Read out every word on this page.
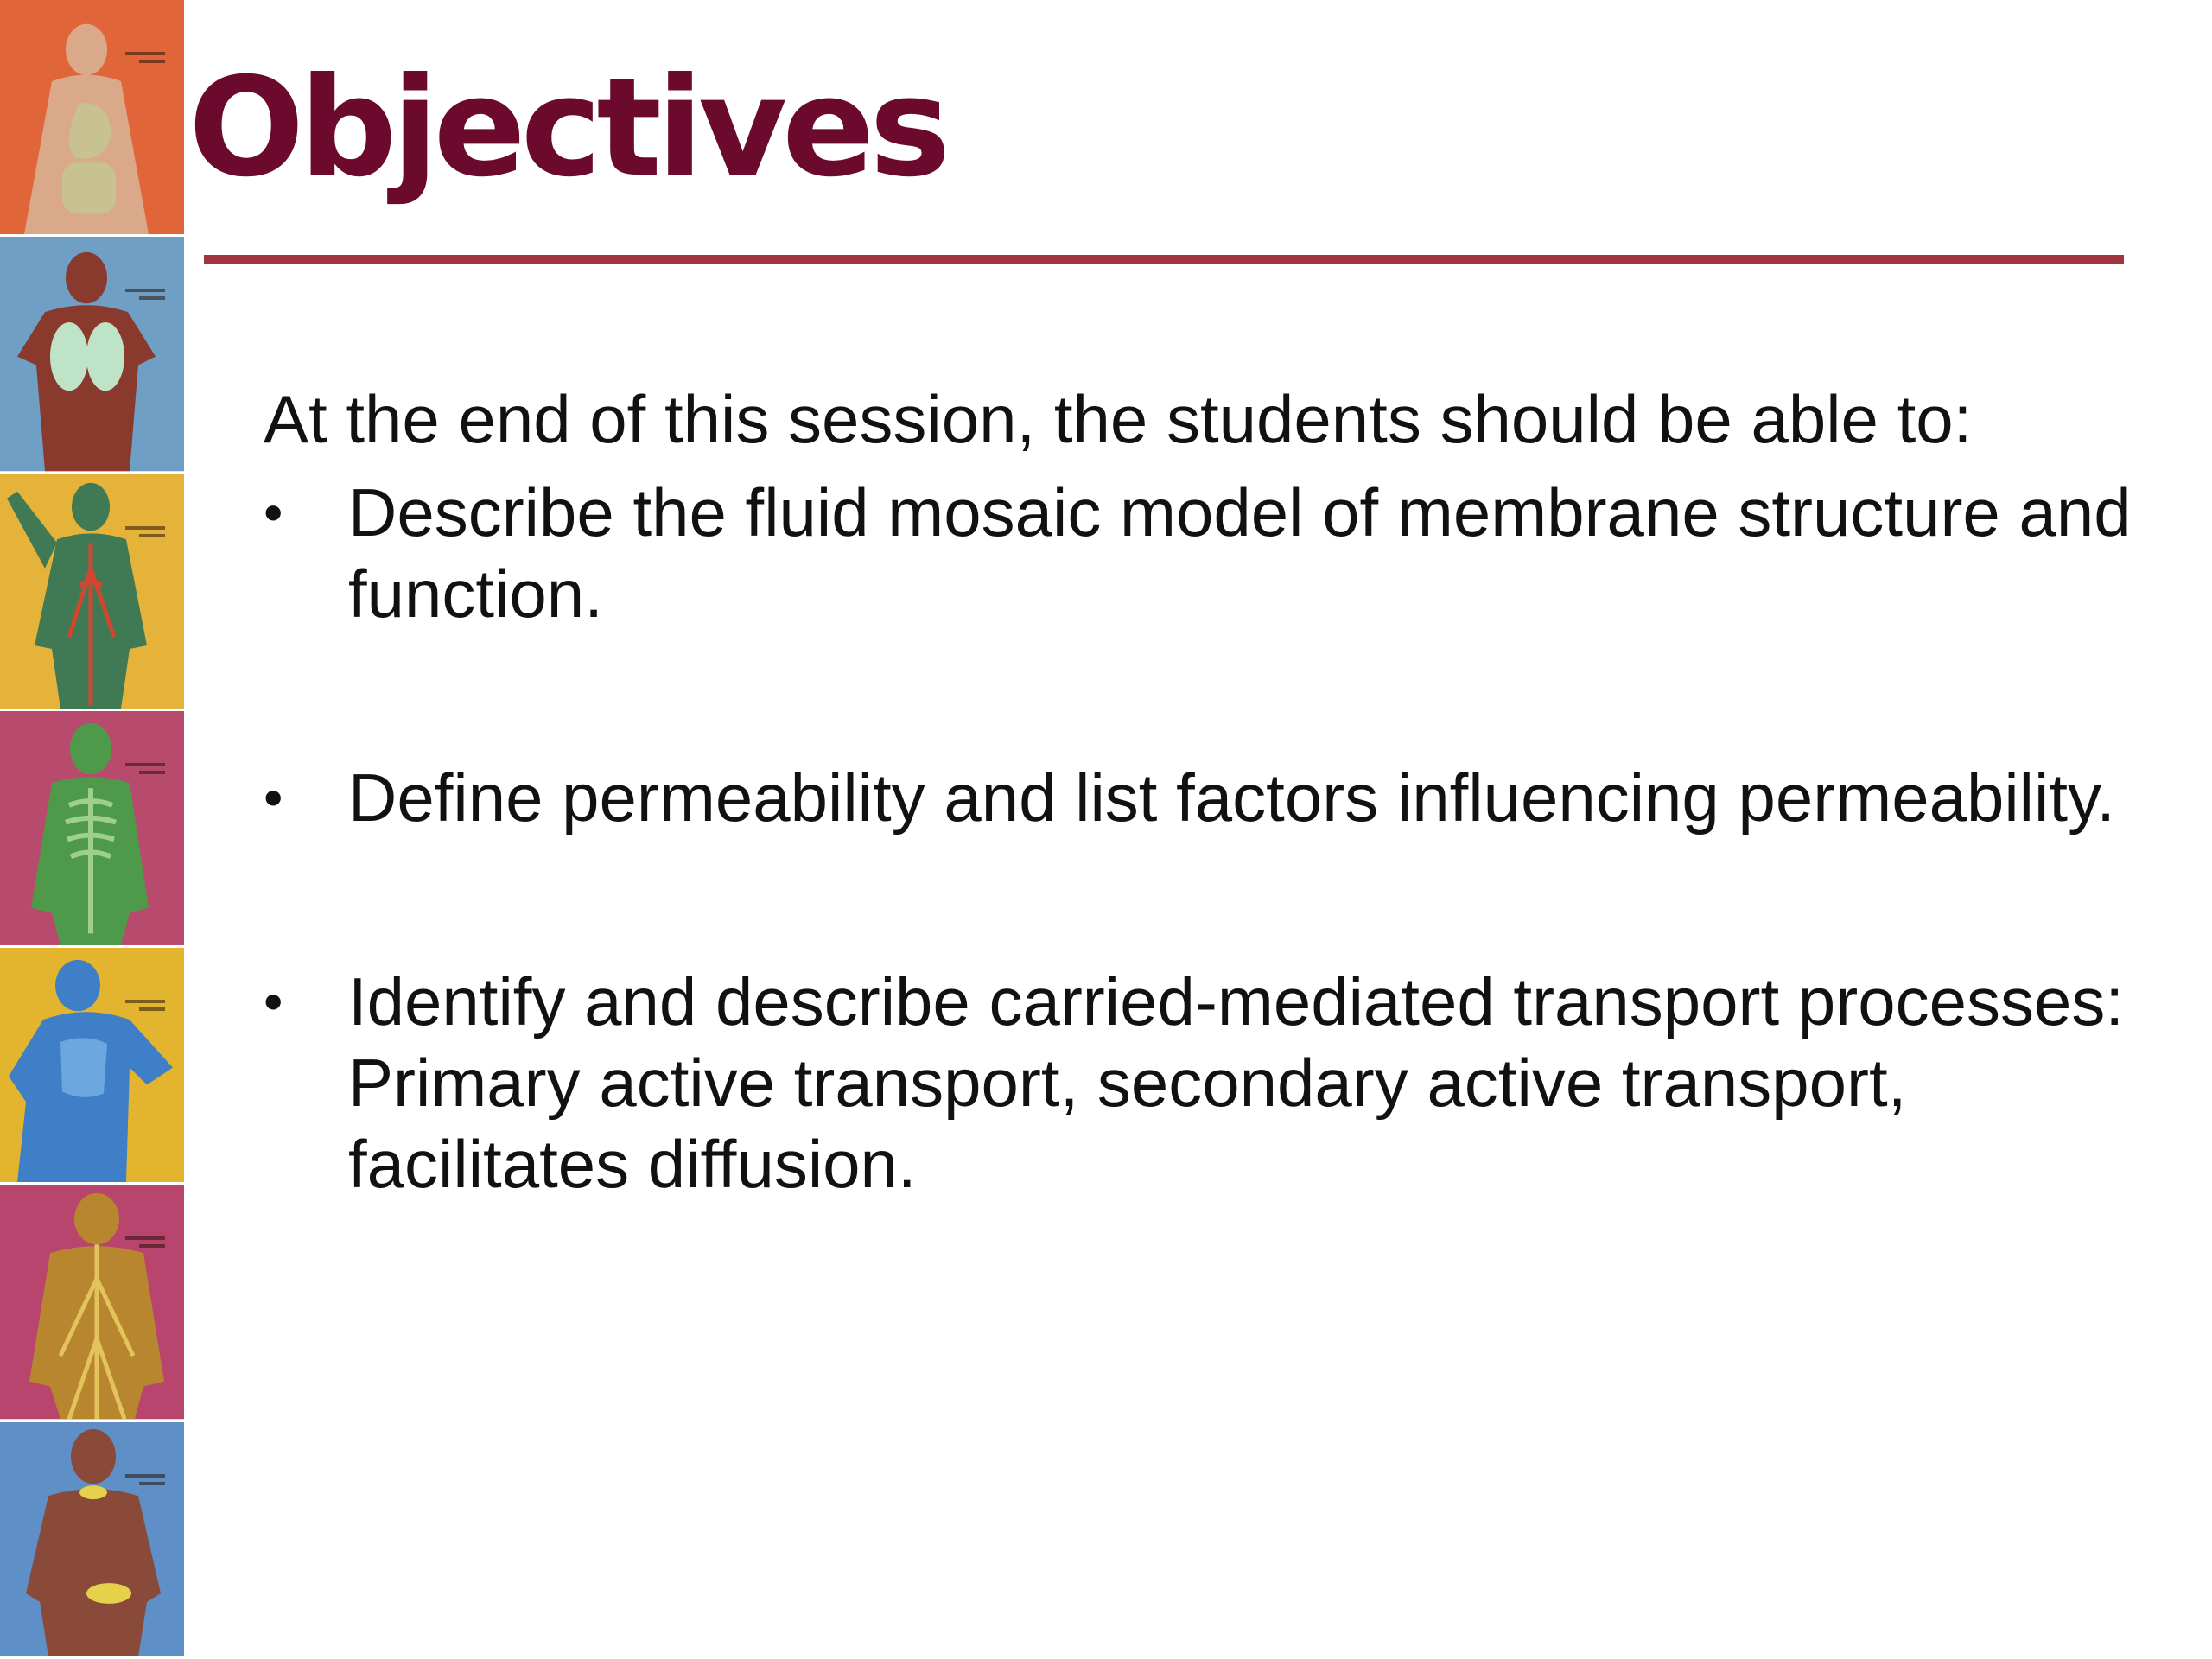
Objectives

At the end of this session, the students should be able to:

• Describe the fluid mosaic model of membrane structure and function.
• Define permeability and list factors influencing permeability.
• Identify and describe carried-mediated transport processes: Primary active transport, secondary active transport, facilitates diffusion.
